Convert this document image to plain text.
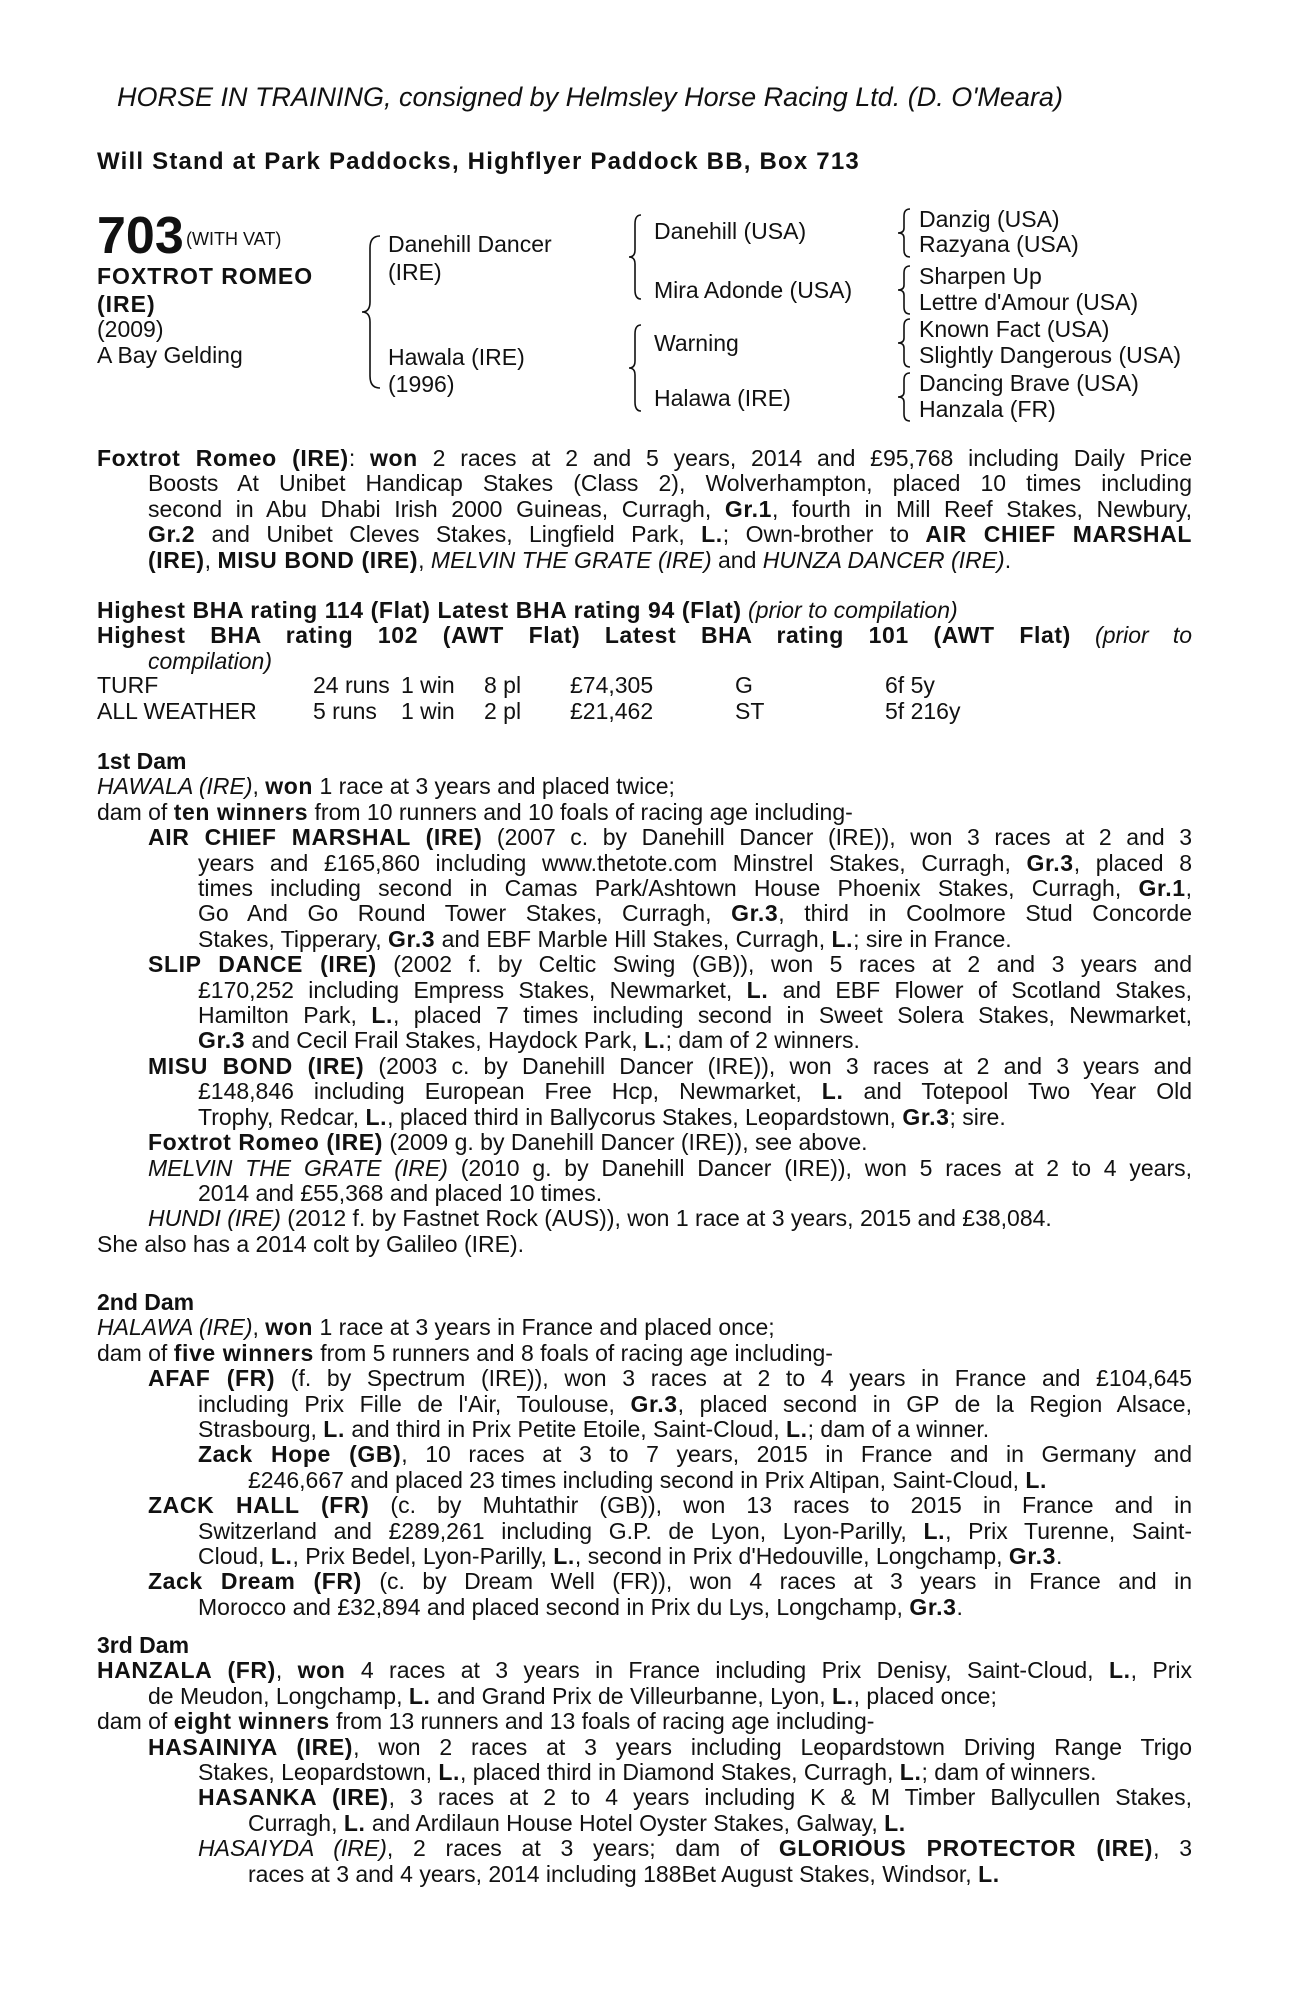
HORSE IN TRAINING, consigned by Helmsley Horse Racing Ltd. (D. O'Meara)
Will Stand at Park Paddocks, Highflyer Paddock BB, Box 713
703 (WITH VAT)
FOXTROT ROMEO
(IRE)
(2009)
A Bay Gelding
Danehill Dancer
(IRE)
Hawala (IRE)
(1996)
Danehill (USA)
Mira Adonde (USA)
Warning
Halawa (IRE)
Danzig (USA)
Razyana (USA)
Sharpen Up
Lettre d'Amour (USA)
Known Fact (USA)
Slightly Dangerous (USA)
Dancing Brave (USA)
Hanzala (FR)
Foxtrot Romeo (IRE): won 2 races at 2 and 5 years, 2014 and £95,768 including Daily Price
Boosts At Unibet Handicap Stakes (Class 2), Wolverhampton, placed 10 times including
second in Abu Dhabi Irish 2000 Guineas, Curragh, Gr.1, fourth in Mill Reef Stakes, Newbury,
Gr.2 and Unibet Cleves Stakes, Lingfield Park, L.; Own-brother to AIR CHIEF MARSHAL
(IRE), MISU BOND (IRE), MELVIN THE GRATE (IRE) and HUNZA DANCER (IRE).
Highest BHA rating 114 (Flat) Latest BHA rating 94 (Flat) (prior to compilation)
Highest BHA rating 102 (AWT Flat) Latest BHA rating 101 (AWT Flat) (prior to
compilation)
TURF	24 runs 1 win 8 pl £74,305	G	6f 5y
ALL WEATHER 5 runs 1 win 2 pl £21,462	ST	5f 216y
1st Dam
HAWALA (IRE), won 1 race at 3 years and placed twice;
dam of ten winners from 10 runners and 10 foals of racing age including-
AIR CHIEF MARSHAL (IRE) (2007 c. by Danehill Dancer (IRE)), won 3 races at 2 and 3
years and £165,860 including www.thetote.com Minstrel Stakes, Curragh, Gr.3, placed 8
times including second in Camas Park/Ashtown House Phoenix Stakes, Curragh, Gr.1,
Go And Go Round Tower Stakes, Curragh, Gr.3, third in Coolmore Stud Concorde
Stakes, Tipperary, Gr.3 and EBF Marble Hill Stakes, Curragh, L.; sire in France.
SLIP DANCE (IRE) (2002 f. by Celtic Swing (GB)), won 5 races at 2 and 3 years and
£170,252 including Empress Stakes, Newmarket, L. and EBF Flower of Scotland Stakes,
Hamilton Park, L., placed 7 times including second in Sweet Solera Stakes, Newmarket,
Gr.3 and Cecil Frail Stakes, Haydock Park, L.; dam of 2 winners.
MISU BOND (IRE) (2003 c. by Danehill Dancer (IRE)), won 3 races at 2 and 3 years and
£148,846 including European Free Hcp, Newmarket, L. and Totepool Two Year Old
Trophy, Redcar, L., placed third in Ballycorus Stakes, Leopardstown, Gr.3; sire.
Foxtrot Romeo (IRE) (2009 g. by Danehill Dancer (IRE)), see above.
MELVIN THE GRATE (IRE) (2010 g. by Danehill Dancer (IRE)), won 5 races at 2 to 4 years,
2014 and £55,368 and placed 10 times.
HUNDI (IRE) (2012 f. by Fastnet Rock (AUS)), won 1 race at 3 years, 2015 and £38,084.
She also has a 2014 colt by Galileo (IRE).
2nd Dam
HALAWA (IRE), won 1 race at 3 years in France and placed once;
dam of five winners from 5 runners and 8 foals of racing age including-
AFAF (FR) (f. by Spectrum (IRE)), won 3 races at 2 to 4 years in France and £104,645
including Prix Fille de l'Air, Toulouse, Gr.3, placed second in GP de la Region Alsace,
Strasbourg, L. and third in Prix Petite Etoile, Saint-Cloud, L.; dam of a winner.
Zack Hope (GB), 10 races at 3 to 7 years, 2015 in France and in Germany and
£246,667 and placed 23 times including second in Prix Altipan, Saint-Cloud, L.
ZACK HALL (FR) (c. by Muhtathir (GB)), won 13 races to 2015 in France and in
Switzerland and £289,261 including G.P. de Lyon, Lyon-Parilly, L., Prix Turenne, Saint-
Cloud, L., Prix Bedel, Lyon-Parilly, L., second in Prix d'Hedouville, Longchamp, Gr.3.
Zack Dream (FR) (c. by Dream Well (FR)), won 4 races at 3 years in France and in
Morocco and £32,894 and placed second in Prix du Lys, Longchamp, Gr.3.
3rd Dam
HANZALA (FR), won 4 races at 3 years in France including Prix Denisy, Saint-Cloud, L., Prix
de Meudon, Longchamp, L. and Grand Prix de Villeurbanne, Lyon, L., placed once;
dam of eight winners from 13 runners and 13 foals of racing age including-
HASAINIYA (IRE), won 2 races at 3 years including Leopardstown Driving Range Trigo
Stakes, Leopardstown, L., placed third in Diamond Stakes, Curragh, L.; dam of winners.
HASANKA (IRE), 3 races at 2 to 4 years including K & M Timber Ballycullen Stakes,
Curragh, L. and Ardilaun House Hotel Oyster Stakes, Galway, L.
HASAIYDA (IRE), 2 races at 3 years; dam of GLORIOUS PROTECTOR (IRE), 3
races at 3 and 4 years, 2014 including 188Bet August Stakes, Windsor, L.
